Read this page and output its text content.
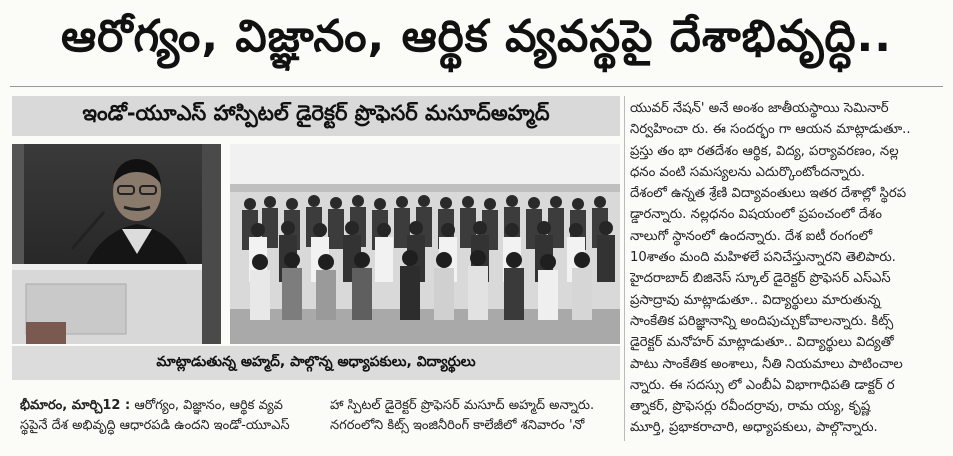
ఆరోగ్యం, విజ్ఞానం, ఆర్థిక వ్యవస్థపై దేశాభివృద్ధి..
ఇండో-యూఎస్ హాస్పిటల్ డైరెక్టర్ ప్రొఫెసర్ మసూద్అహ్మద్
మాట్లాడుతున్న అహ్మద్, పాల్గొన్న అధ్యాపకులు, విద్యార్థులు
భీమారం, మార్చి12 : ఆరోగ్యం, విజ్ఞానం, ఆర్థిక వ్యవ
స్థపైనే దేశ అభివృద్ధి ఆధారపడి ఉందని ఇండో-యూఎస్
హా స్పిటల్ డైరెక్టర్ ప్రొఫెసర్ మసూద్ అహ్మద్ అన్నారు.
నగరంలోని కిట్స్ ఇంజినీరింగ్ కాలేజీలో శనివారం 'నో
యువర్ నేషన్' అనే అంశం జాతీయస్థాయి సెమినార్
నిర్వహించా రు. ఈ సందర్భం గా ఆయన మాట్లాడుతూ..
ప్రస్తు తం భా రతదేశం ఆర్థిక, విద్య, పర్యావరణం, నల్ల
ధనం వంటి సమస్యలను ఎదుర్కొంటోందన్నారు.
దేశంలో ఉన్నత శ్రేణి విద్యావంతులు ఇతర దేశాల్లో స్థిరప
డ్డారన్నారు. నల్లధనం విషయంలో ప్రపంచంలో దేశం
నాలుగో స్థానంలో ఉందన్నారు. దేశ ఐటీ రంగంలో
10శాతం మంది మహిళలే పనిచేస్తున్నారని తెలిపారు.
హైదరాబాద్ బిజినెస్ స్కూల్ డైరెక్టర్ ప్రొఫెసర్ ఎస్ఎస్
ప్రసాద్రావు మాట్లాడుతూ.. విద్యార్థులు మారుతున్న
సాంకేతిక పరిజ్ఞానాన్ని అందిపుచ్చుకోవాలన్నారు. కిట్స్
డైరెక్టర్ మనోహర్ మాట్లాడుతూ.. విద్యార్థులు విద్యతో
పాటు సాంకేతిక అంశాలు, నీతి నియమాలు పాటించాల
న్నారు. ఈ సదస్సు లో ఎంబీఏ విభాగాధిపతి డాక్టర్ ర
త్నాకర్, ప్రొఫెసర్లు రవీందర్రావు, రామ య్య, కృష్ణ
మూర్తి, ప్రభాకరాచారి, అధ్యాపకులు, పాల్గొన్నారు.
